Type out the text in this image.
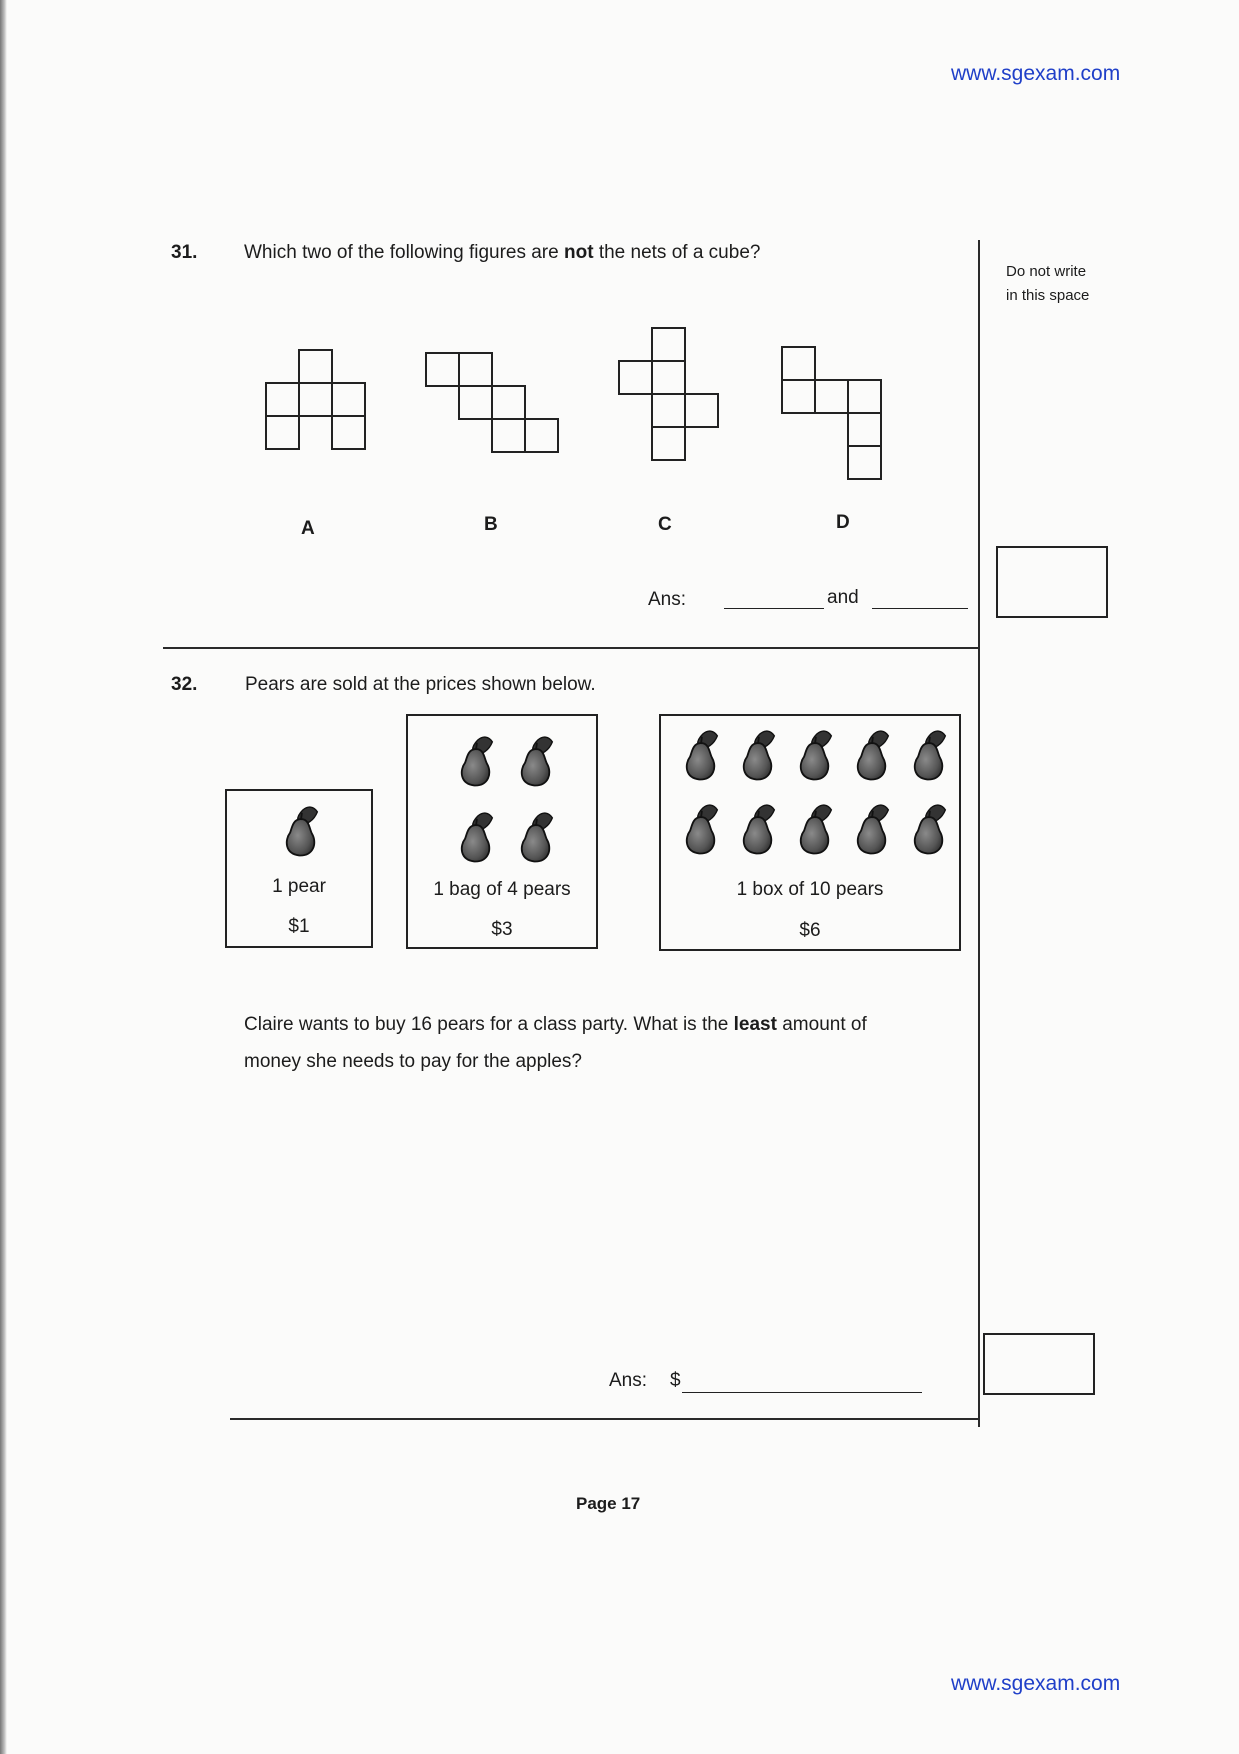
www.sgexam.com
Do not write
in this space
31. Which two of the following figures are not the nets of a cube?
A	B	C	D
Ans:	and
32.	Pears are sold at the prices shown below.
1 pear
$1
1 bag of 4 pears
$3
1 box of 10 pears
$6
Claire wants to buy 16 pears for a class party. What is the least amount of
money she needs to pay for the apples?
Ans: $
Page 17
www.sgexam.com
